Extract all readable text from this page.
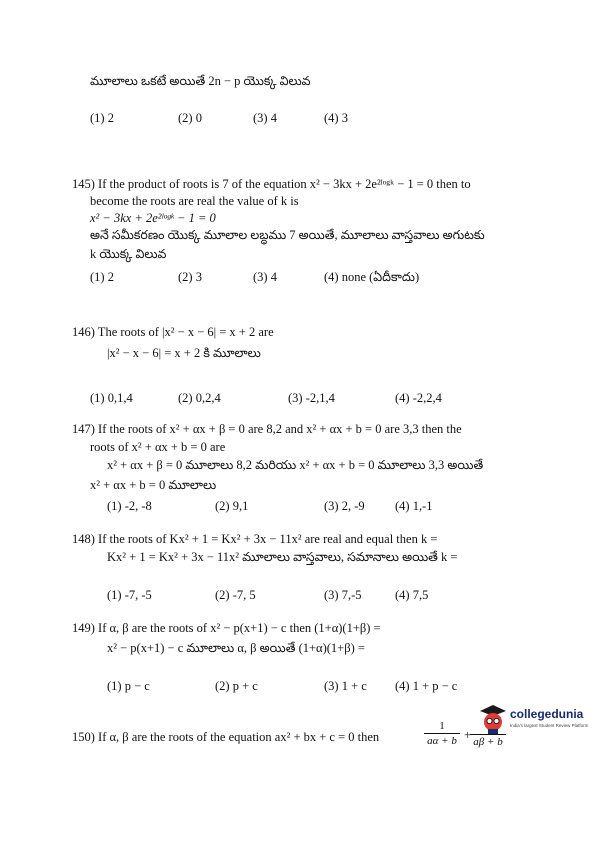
మూలాలు ఒకటే అయితే 2n − p యొక్క విలువ
(1) 2	(2) 0	(3) 4	(4) 3
145) If the product of roots is 7 of the equation x² − 3kx + 2e²ˡᵒᵍᵏ − 1 = 0 then to
become the roots are real the value of k is
x² − 3kx + 2e²ˡᵒᵍᵏ − 1 = 0
అనే సమీకరణం యొక్క మూలాల లబ్ధము 7 అయితే, మూలాలు వాస్తవాలు అగుటకు
k యొక్క విలువ
(1) 2	(2) 3	(3) 4	(4) none (ఏదీకాదు)
146) The roots of |x² − x − 6| = x + 2 are
|x² − x − 6| = x + 2 కి మూలాలు
(1) 0,1,4	(2) 0,2,4	(3) -2,1,4	(4) -2,2,4
147) If the roots of x² + αx + β = 0 are 8,2 and x² + αx + b = 0 are 3,3 then the
roots of x² + αx + b = 0 are
x² + αx + β = 0 మూలాలు 8,2 మరియు x² + αx + b = 0 మూలాలు 3,3 అయితే
x² + αx + b = 0 మూలాలు
(1) -2, -8	(2) 9,1	(3) 2, -9 (4) 1,-1
148) If the roots of Kx² + 1 = Kx² + 3x − 11x² are real and equal then k =
Kx² + 1 = Kx² + 3x − 11x² మూలాలు వాస్తవాలు, సమానాలు అయితే k =
(1) -7, -5	(2) -7, 5	(3) 7,-5	(4) 7,5
149) If α, β are the roots of x² − p(x+1) − c then (1+α)(1+β) =
x² − p(x+1) − c మూలాలు α, β అయితే (1+α)(1+β) =
(1) p − c	(2) p + c	(3) 1 + c (4) 1 + p − c
150) If α, β are the roots of the equation ax² + bx + c = 0 then
1
aα + b + aβ + b
collegedunia
India's largest Student Review Platform
